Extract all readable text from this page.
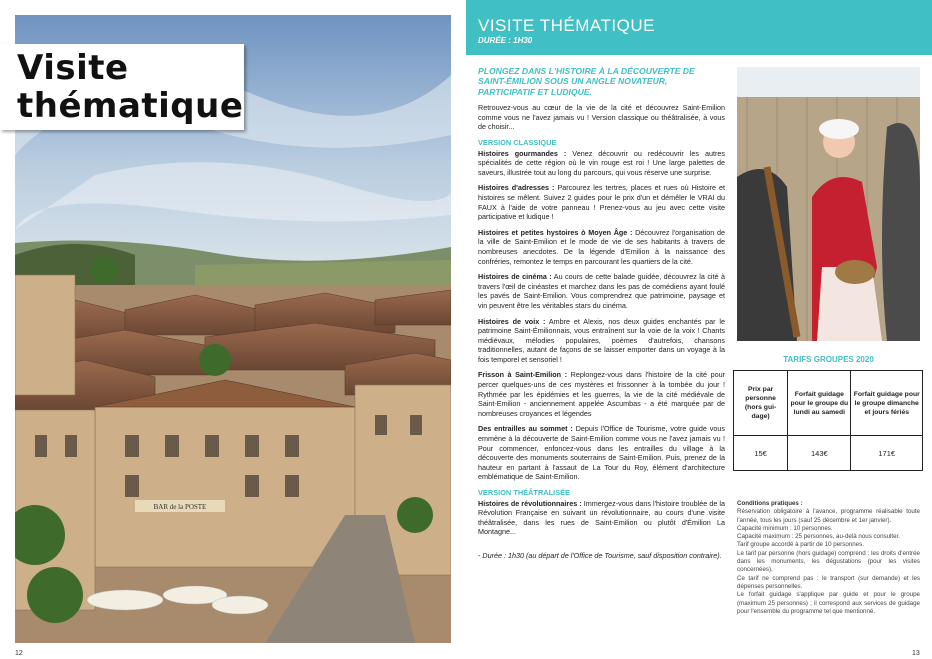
BAR de la POSTE
Visite
thématique
12
VISITE THÉMATIQUE
DURÉE : 1H30
PLONGEZ DANS L'HISTOIRE À LA DÉCOUVERTE DE SAINT-ÉMILION SOUS UN ANGLE NOVATEUR, PARTICIPATIF ET LUDIQUE.

Retrouvez-vous au cœur de la vie de la cité et découvrez Saint-Emilion comme vous ne l'avez jamais vu ! Version classique ou théâtralisée, à vous de choisir...

VERSION CLASSIQUE

Histoires gourmandes : Venez découvrir ou redécouvrir les autres spécialités de cette région où le vin rouge est roi ! Une large palettes de saveurs, illustrée tout au long du parcours, qui vous réserve une surprise.

Histoires d'adresses : Parcourez les tertres, places et rues où Histoire et histoires se mêlent. Suivez 2 guides pour le prix d'un et démêler le VRAI du FAUX à l'aide de votre panneau ! Prenez-vous au jeu avec cette visite participative et ludique !

Histoires et petites hystoires ò Moyen Âge : Découvrez l'organisation de la ville de Saint-Emilion et le mode de vie de ses habitants à travers de nombreuses anecdotes. De la légende d'Emilion à la naissance des confréries, remontez le temps en parcourant les quartiers de la cité.

Histoires de cinéma : Au cours de cette balade guidée, découvrez la cité à travers l'œil de cinéastes et marchez dans les pas de comédiens ayant foulé les pavés de Saint-Emilion. Vous comprendrez que patrimoine, paysage et vin peuvent être les véritables stars du cinéma.

Histoires de voix : Ambre et Alexis, nos deux guides enchantés par le patrimoine Saint-Émilionnais, vous entraînent sur la voie de la voix ! Chants médiévaux, mélodies populaires, poèmes d'autrefois, chansons traditionnelles, autant de façons de se laisser emporter dans un voyage à la fois temporel et sensoriel !

Frisson à Saint-Emilion : Replongez-vous dans l'histoire de la cité pour percer quelques-uns de ces mystères et frissonner à la tombée du jour ! Rythmée par les épidémies et les guerres, la vie de la cité médiévale de Saint-Emilion - anciennement appelée Ascumbas - a été marquée par de nombreuses croyances et légendes

Des entrailles au sommet : Depuis l'Office de Tourisme, votre guide vous emmène à la découverte de Saint-Emilion comme vous ne l'avez jamais vu ! Pour commencer, enfoncez-vous dans les entrailles du village à la découverte des monuments souterrains de Saint-Emilion. Puis, prenez de la hauteur en partant à l'assaut de La Tour du Roy, élément d'architecture emblématique de Saint-Emilion.

VERSION THÉÂTRALISÉE

Histoires de révolutionnaires : Immergez-vous dans l'histoire troublée de la Révolution Française en suivant un révolutionnaire, au cours d'une visite théâtralisée, dans les rues de Saint-Emilion ou plutôt d'Émilion La Montagne...

- Durée : 1h30 (au départ de l'Office de Tourisme, sauf disposition contraire).

TARIFS GROUPES 2020
Prix par personne (hors gui-dage)	Forfait guidage pour le groupe du lundi au samedi	Forfait guidage pour le groupe dimanche et jours fériés
15€	143€	171€

Conditions pratiques :

Réservation obligatoire à l'avance, programme réalisable toute l'année, tous les jours (sauf 25 décembre et 1er janvier).

Capacité minimum : 10 personnes.

Capacité maximum : 25 personnes, au-delà nous consulter.

Tarif groupe accordé à partir de 10 personnes.

Le tarif par personne (hors guidage) comprend : les droits d'entrée dans les monuments, les dégustations (pour les visites concernées).

Ce tarif ne comprend pas : le transport (sur demande) et les dépenses personnelles.

Le forfait guidage s'applique par guide et pour le groupe (maximum 25 personnes) ; il correspond aux services de guidage pour l'ensemble du programme tel que mentionné.

13
